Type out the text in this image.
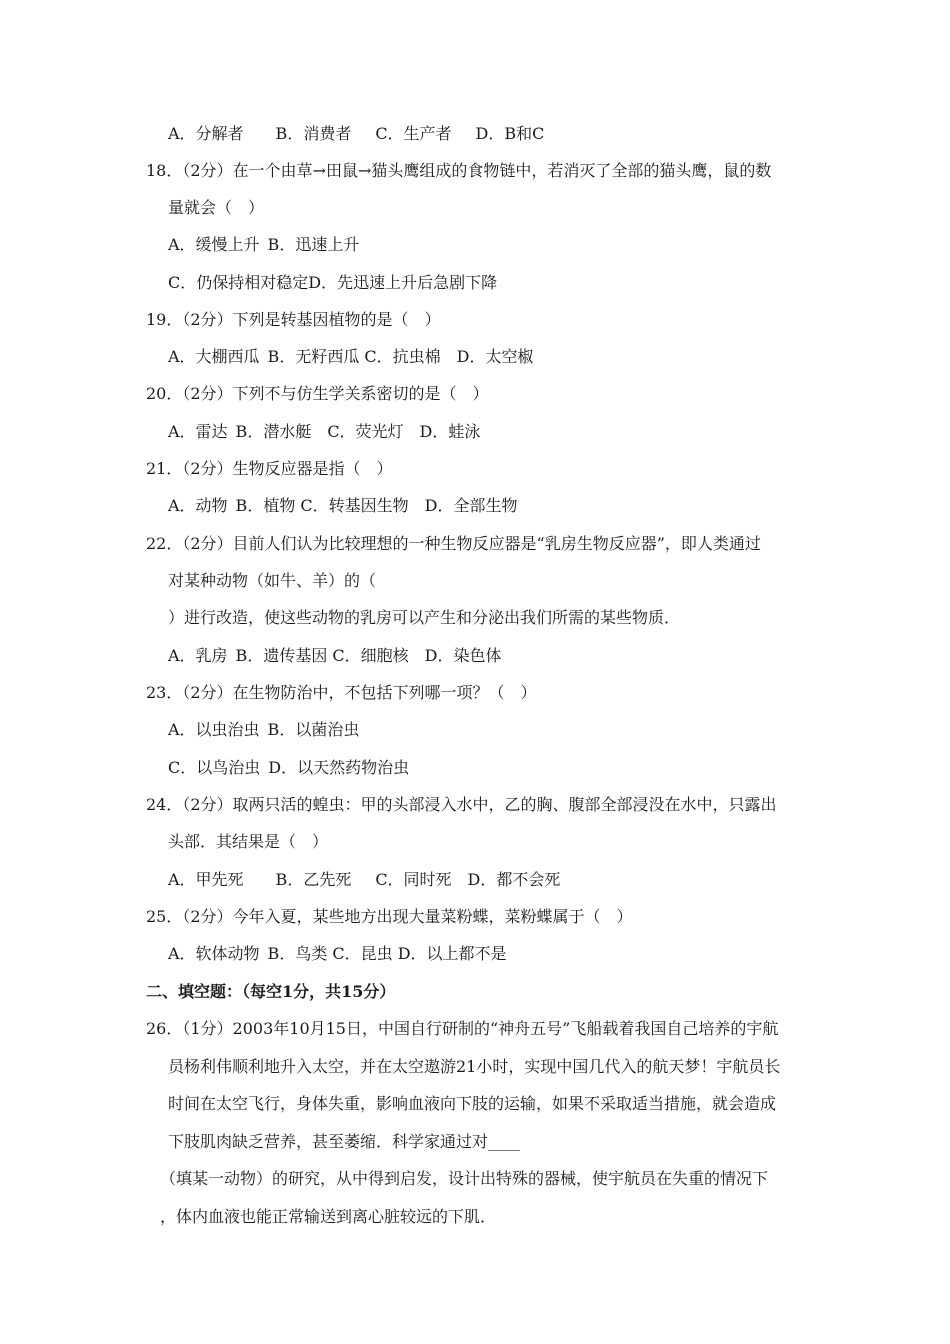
A．分解者　　B．消费者　 C．生产者　 D．B和C
18．（2分）在一个由草→田鼠→猫头鹰组成的食物链中，若消灭了全部的猫头鹰，鼠的数
量就会（　）
A．缓慢上升 B．迅速上升
C．仍保持相对稳定D．先迅速上升后急剧下降
19．（2分）下列是转基因植物的是（　）
A．大棚西瓜 B．无籽西瓜 C．抗虫棉　D．太空椒
20．（2分）下列不与仿生学关系密切的是（　）
A．雷达 B．潜水艇　C．荧光灯　D．蛙泳
21．（2分）生物反应器是指（　）
A．动物 B．植物 C．转基因生物　D．全部生物
22．（2分）目前人们认为比较理想的一种生物反应器是“乳房生物反应器”，即人类通过
对某种动物（如牛、羊）的（
）进行改造，使这些动物的乳房可以产生和分泌出我们所需的某些物质．
A．乳房 B．遗传基因 C．细胞核　D．染色体
23．（2分）在生物防治中，不包括下列哪一项？（　）
A．以虫治虫 B．以菌治虫
C．以鸟治虫 D．以天然药物治虫
24．（2分）取两只活的蝗虫：甲的头部浸入水中，乙的胸、腹部全部浸没在水中，只露出
头部．其结果是（　）
A．甲先死　　B．乙先死　 C．同时死　D．都不会死
25．（2分）今年入夏，某些地方出现大量菜粉蝶，菜粉蝶属于（　）
A．软体动物 B．鸟类 C．昆虫 D．以上都不是
二、填空题：（每空1分，共15分）
26．（1分）2003年10月15日，中国自行研制的“神舟五号”飞船载着我国自己培养的宇航
员杨利伟顺利地升入太空，并在太空遨游21小时，实现中国几代入的航天梦！宇航员长
时间在太空飞行，身体失重，影响血液向下肢的运输，如果不采取适当措施，就会造成
下肢肌肉缺乏营养，甚至萎缩．科学家通过对____
（填某一动物）的研究，从中得到启发，设计出特殊的器械，使宇航员在失重的情况下
，体内血液也能正常输送到离心脏较远的下肌．
